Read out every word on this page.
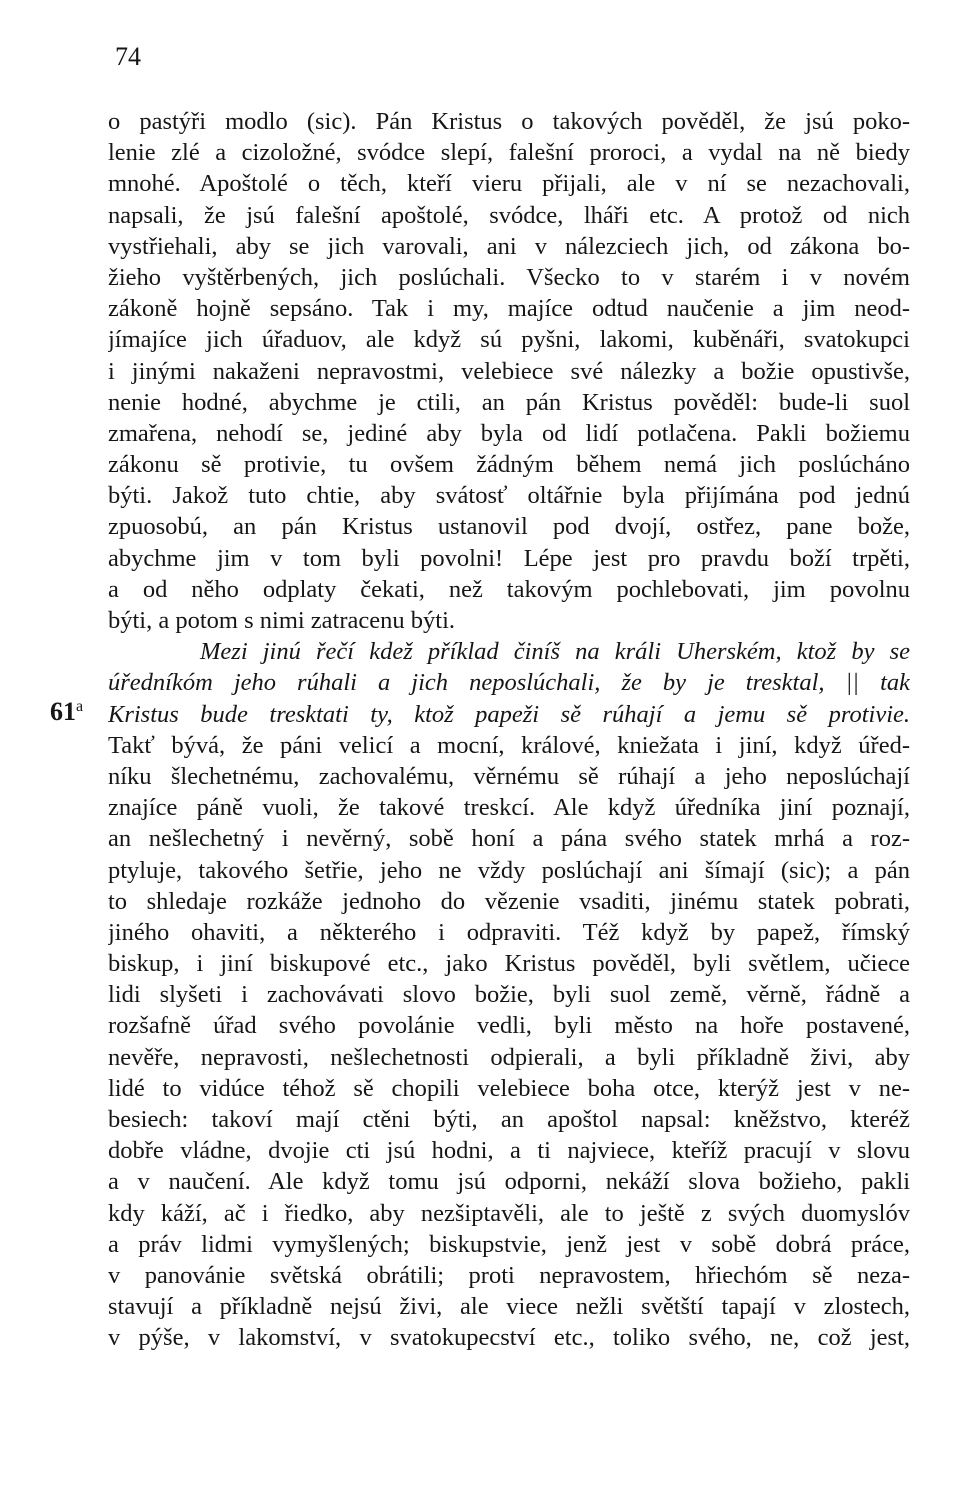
74
61$^a$
o pastýři modlo (sic). Pán Kristus o takových pověděl, že jsú poko-
lenie zlé a cizoložné, svódce slepí, falešní proroci, a vydal na ně biedy
mnohé. Apoštolé o těch, kteří vieru přijali, ale v ní se nezachovali,
napsali, že jsú falešní apoštolé, svódce, lháři etc. A protož od nich
vystřiehali, aby se jich varovali, ani v nálezciech jich, od zákona bo-
žieho vyštěrbených, jich poslúchali. Všecko to v starém i v novém
zákoně hojně sepsáno. Tak i my, majíce odtud naučenie a jim neod-
jímajíce jich úřaduov, ale když sú pyšni, lakomi, kuběnáři, svatokupci
i jinými nakaženi nepravostmi, velebiece své nálezky a božie opustivše,
nenie hodné, abychme je ctili, an pán Kristus pověděl: bude-li suol
zmařena, nehodí se, jediné aby byla od lidí potlačena. Pakli božiemu
zákonu sě protivie, tu ovšem žádným během nemá jich poslúcháno
býti. Jakož tuto chtie, aby svátosť oltářnie byla přijímána pod jednú
zpuosobú, an pán Kristus ustanovil pod dvojí, ostřez, pane bože,
abychme jim v tom byli povolni! Lépe jest pro pravdu boží trpěti,
a od něho odplaty čekati, než takovým pochlebovati, jim povolnu
býti, a potom s nimi zatracenu býti.
Mezi jinú řečí kdež příklad činíš na králi Uherském, ktož by se
úředníkóm jeho rúhali a jich neposlúchali, že by je tresktal, || tak
Kristus bude tresktati ty, ktož papeži sě rúhají a jemu sě protivie.
Takť bývá, že páni velicí a mocní, králové, kniežata i jiní, když úřed-
níku šlechetnému, zachovalému, věrnému sě rúhají a jeho neposlúchají
znajíce páně vuoli, že takové treskcí. Ale když úředníka jiní poznají,
an nešlechetný i nevěrný, sobě honí a pána svého statek mrhá a roz-
ptyluje, takového šetřie, jeho ne vždy poslúchají ani šímají (sic); a pán
to shledaje rozkáže jednoho do vězenie vsaditi, jinému statek pobrati,
jiného ohaviti, a některého i odpraviti. Též když by papež, římský
biskup, i jiní biskupové etc., jako Kristus pověděl, byli světlem, učiece
lidi slyšeti i zachovávati slovo božie, byli suol země, věrně, řádně a
rozšafně úřad svého povolánie vedli, byli město na hoře postavené,
nevěře, nepravosti, nešlechetnosti odpierali, a byli příkladně živi, aby
lidé to vidúce téhož sě chopili velebiece boha otce, kterýž jest v ne-
besiech: takoví mají ctěni býti, an apoštol napsal: kněžstvo, kteréž
dobře vládne, dvojie cti jsú hodni, a ti najviece, kteříž pracují v slovu
a v naučení. Ale když tomu jsú odporni, nekáží slova božieho, pakli
kdy káží, ač i řiedko, aby nezšiptavěli, ale to ještě z svých duomyslóv
a práv lidmi vymyšlených; biskupstvie, jenž jest v sobě dobrá práce,
v panovánie světská obrátili; proti nepravostem, hřiechóm sě neza-
stavují a příkladně nejsú živi, ale viece nežli světští tapají v zlostech,
v pýše, v lakomství, v svatokupecství etc., toliko svého, ne, což jest,
